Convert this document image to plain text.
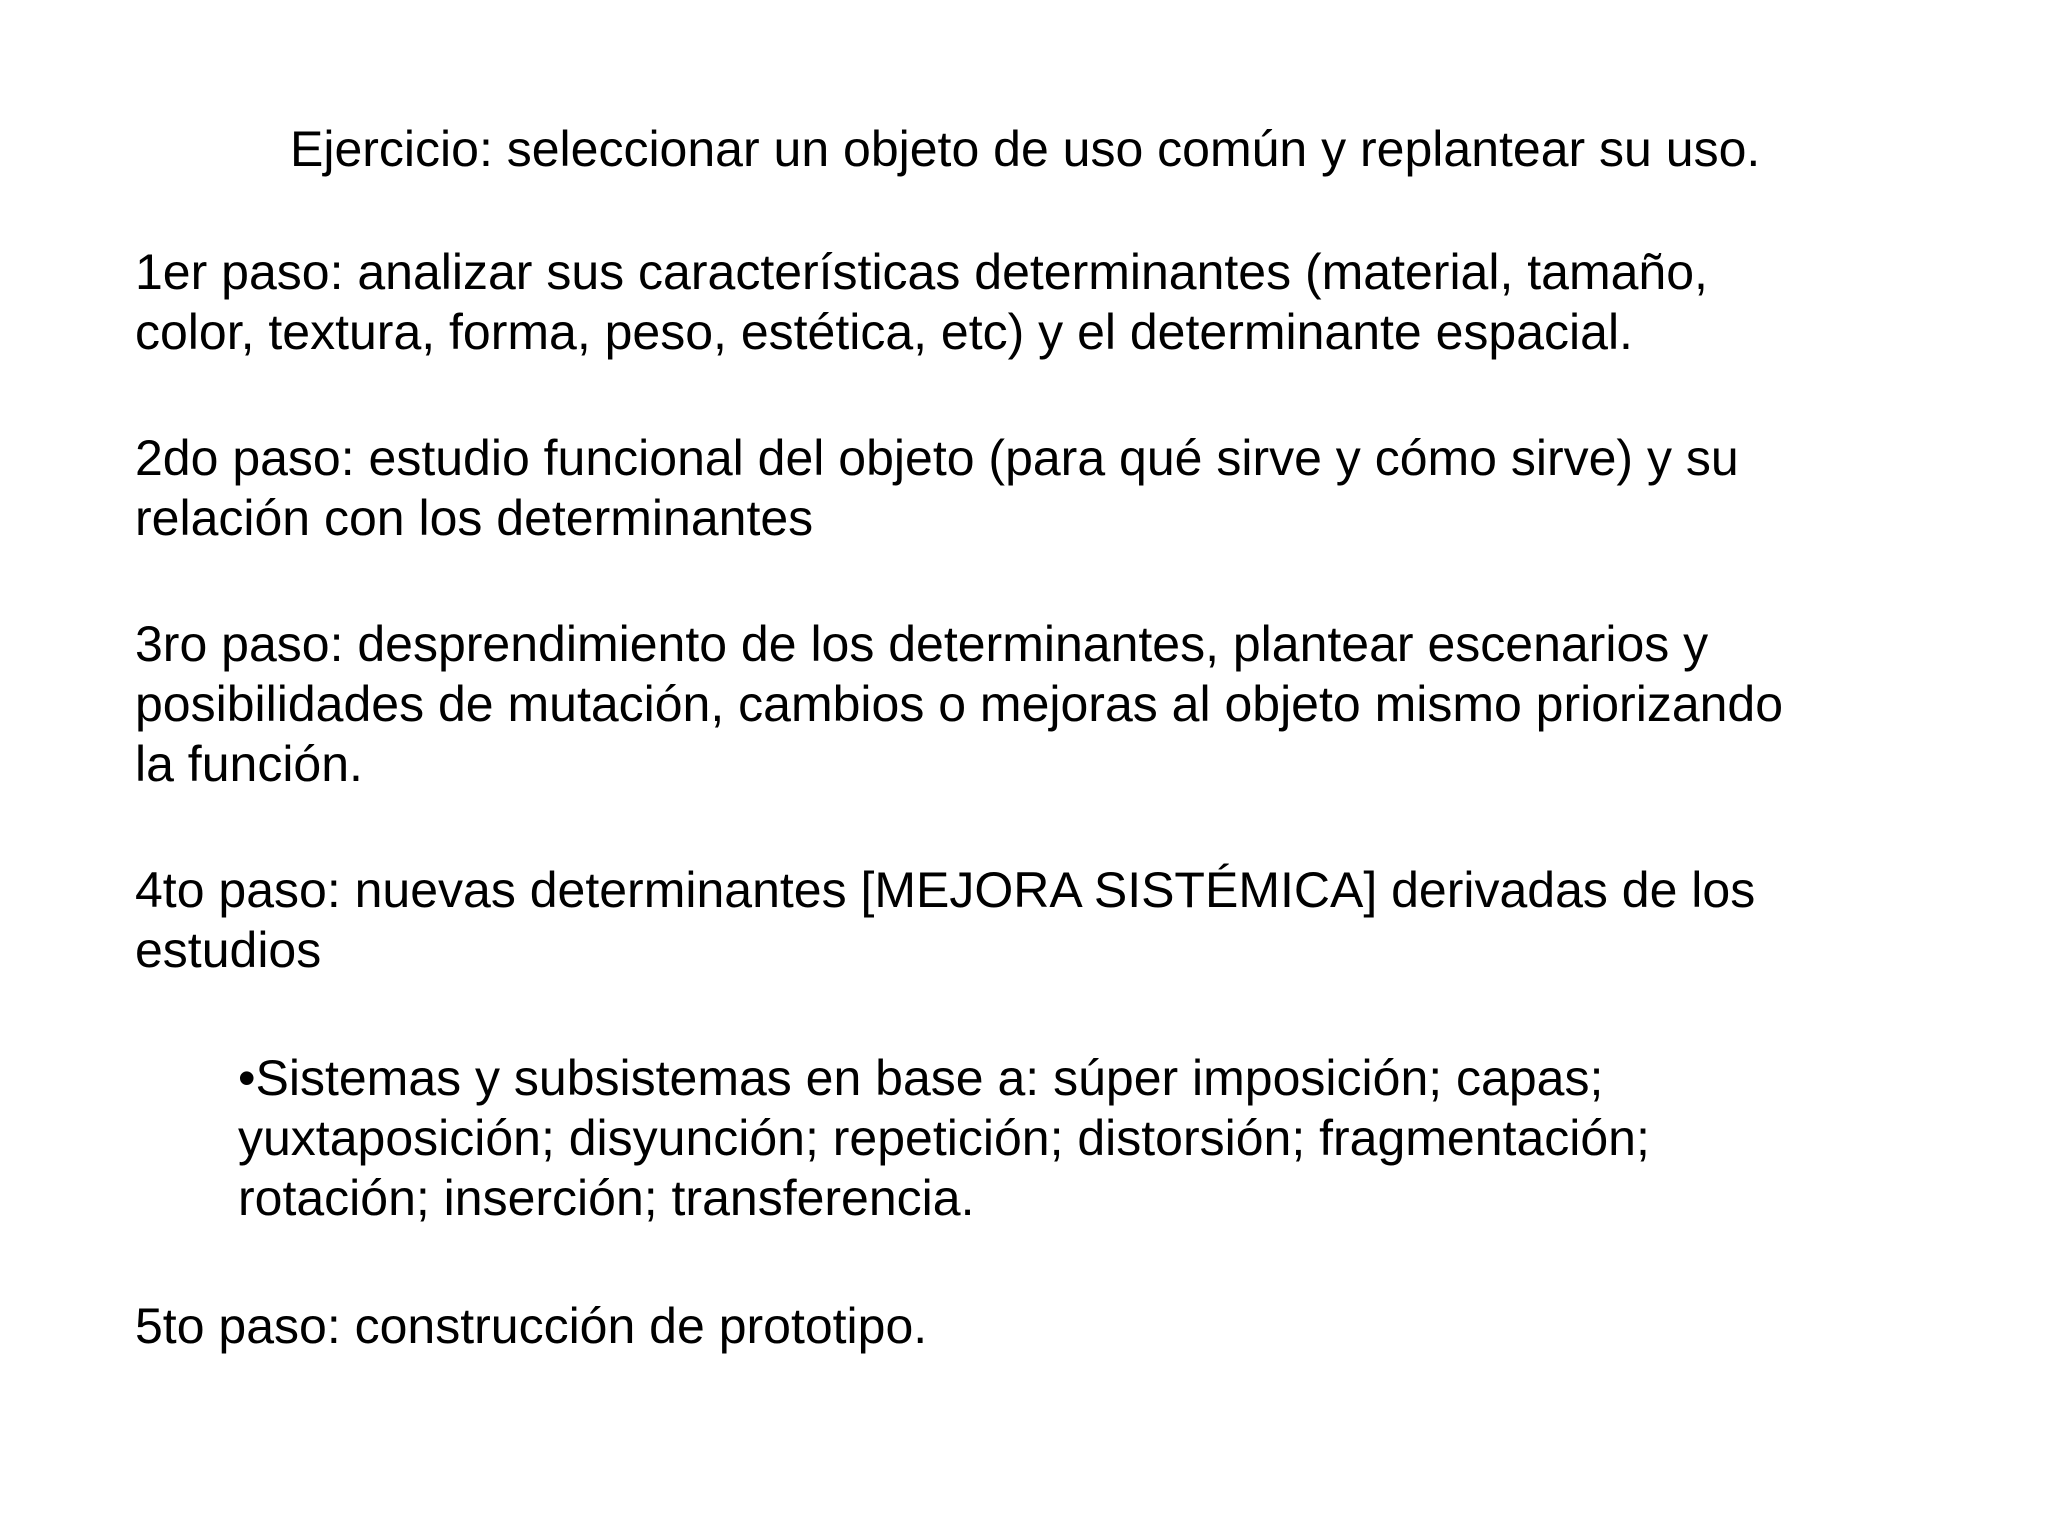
Ejercicio: seleccionar un objeto de uso común y replantear su uso.
1er paso: analizar sus características determinantes (material, tamaño,
color, textura, forma, peso, estética, etc) y el determinante espacial.
2do paso: estudio funcional del objeto (para qué sirve y cómo sirve) y su
relación con los determinantes
3ro paso: desprendimiento de los determinantes, plantear escenarios y
posibilidades de mutación, cambios o mejoras al objeto mismo priorizando
la función.
4to paso: nuevas determinantes [MEJORA SISTÉMICA] derivadas de los
estudios
•Sistemas y subsistemas en base a: súper imposición; capas;
yuxtaposición; disyunción; repetición; distorsión; fragmentación;
rotación; inserción; transferencia.
5to paso: construcción de prototipo.
